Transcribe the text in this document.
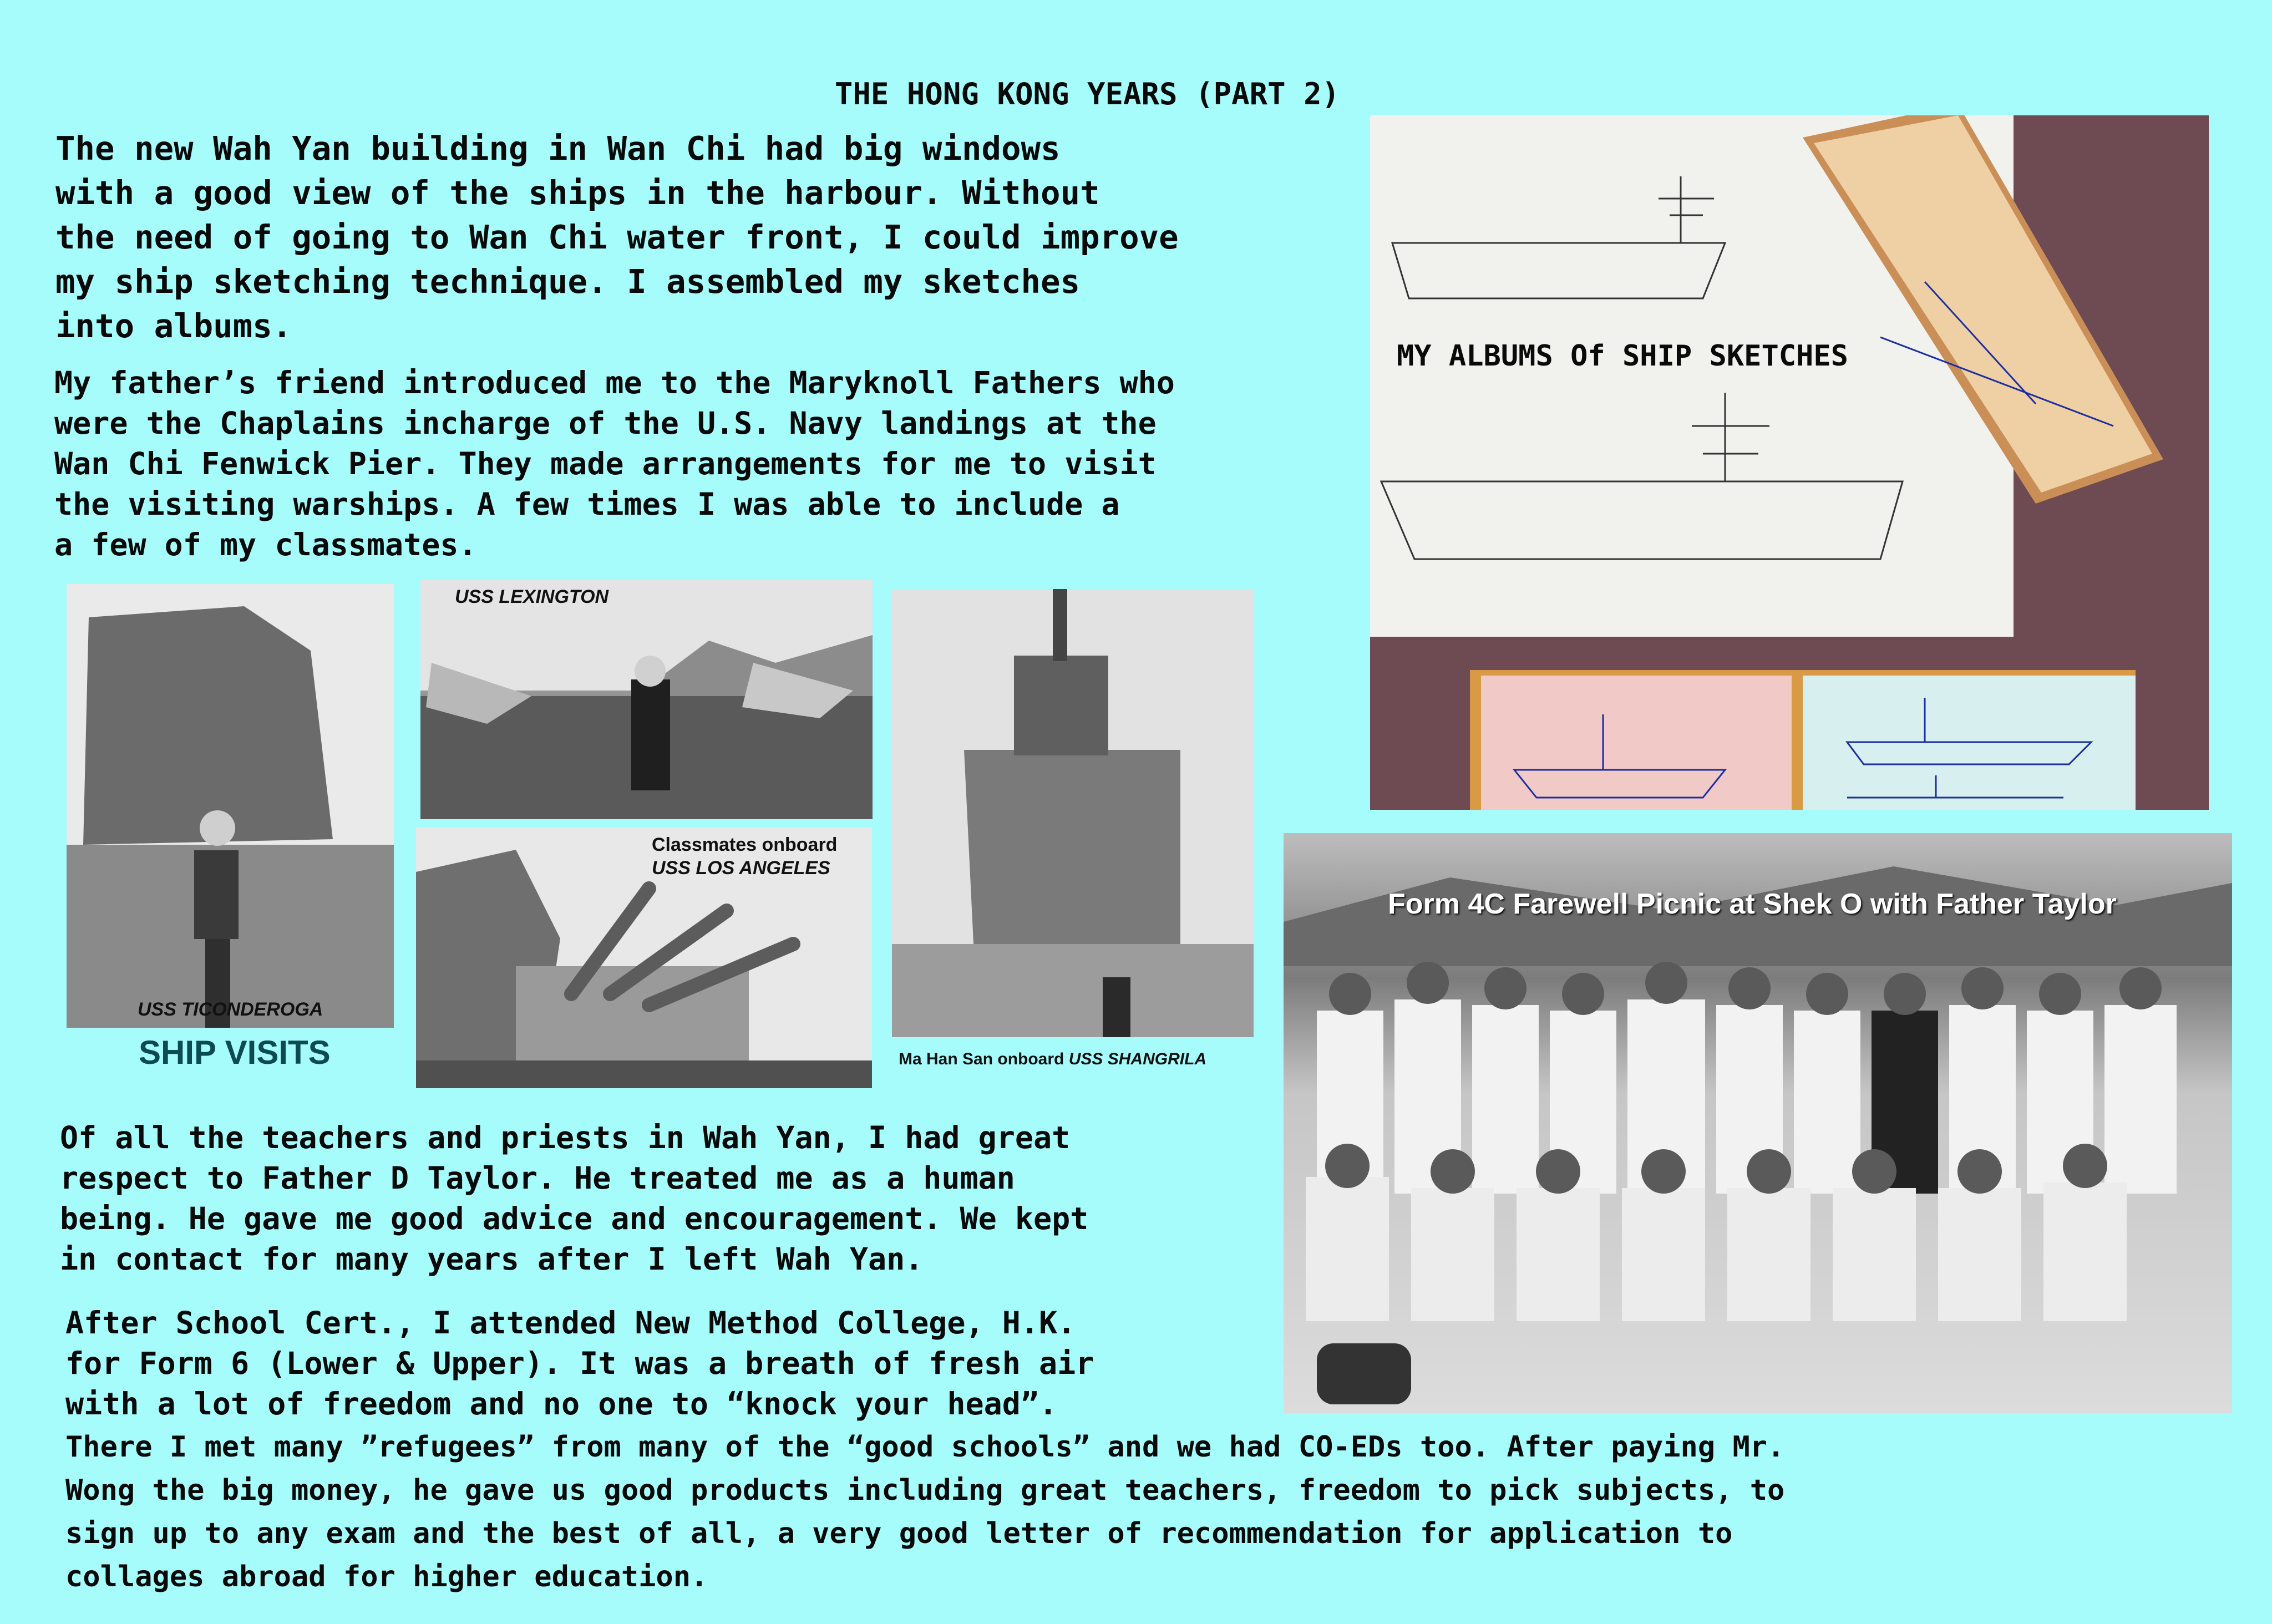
THE HONG KONG YEARS (PART 2)
The new Wah Yan building in Wan Chi had big windows
with a good view of the ships in the harbour. Without
the need of going to Wan Chi water front, I could improve
my ship sketching technique. I assembled my sketches
into albums.
My father’s friend introduced me to the Maryknoll Fathers who
were the Chaplains incharge of the U.S. Navy landings at the
Wan Chi Fenwick Pier. They made arrangements for me to visit
the visiting warships. A few times I was able to include a
a few of my classmates.
MY ALBUMS Of SHIP SKETCHES
USS TICONDEROGA
USS LEXINGTON
Classmates onboard
USS LOS ANGELES
Ma Han San onboard USS SHANGRILA
SHIP VISITS
Form 4C Farewell Picnic at Shek O with Father Taylor
Of all the teachers and priests in Wah Yan, I had great
respect to Father D Taylor. He treated me as a human
being. He gave me good advice and encouragement. We kept
in contact for many years after I left Wah Yan.
After School Cert., I attended New Method College, H.K.
for Form 6 (Lower & Upper). It was a breath of fresh air
with a lot of freedom and no one to “knock your head”.
There I met many ”refugees” from many of the “good schools” and we had CO-EDs too. After paying Mr.
Wong the big money, he gave us good products including great teachers, freedom to pick subjects, to
sign up to any exam and the best of all, a very good letter of recommendation for application to
collages abroad for higher education.
